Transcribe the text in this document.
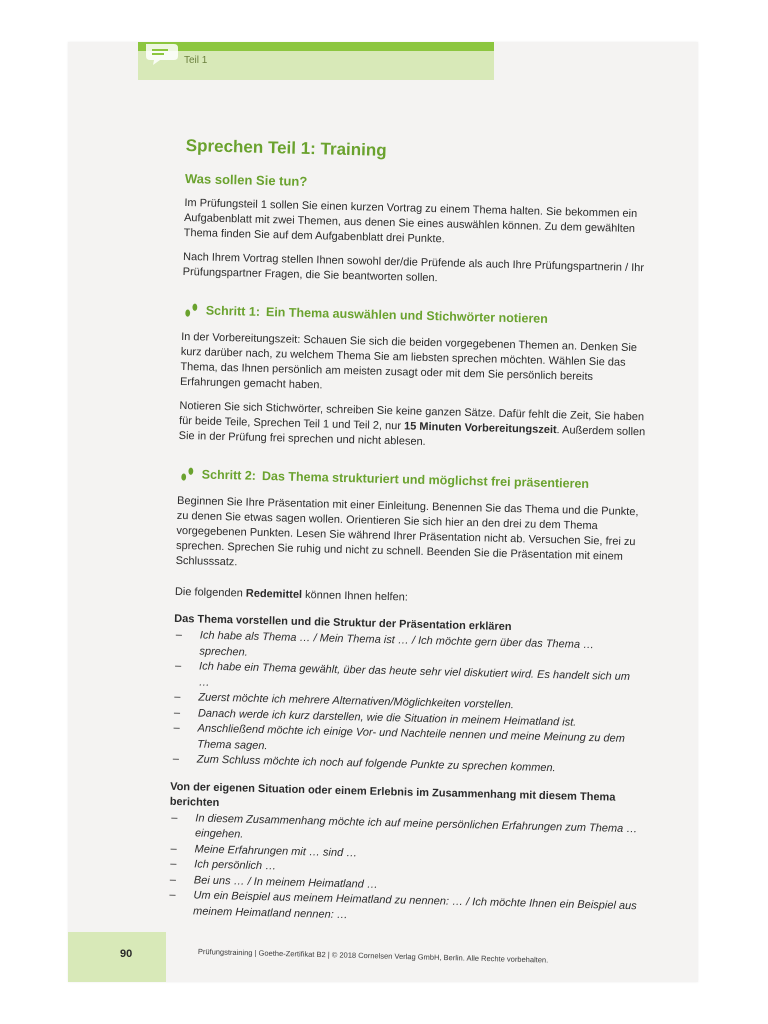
Teil 1
Sprechen Teil 1: Training
Was sollen Sie tun?

Im Prüfungsteil 1 sollen Sie einen kurzen Vortrag zu einem Thema halten. Sie bekommen ein Aufgabenblatt mit zwei Themen, aus denen Sie eines auswählen können. Zu dem gewählten Thema finden Sie auf dem Aufgabenblatt drei Punkte.

Nach Ihrem Vortrag stellen Ihnen sowohl der/die Prüfende als auch Ihre Prüfungspartnerin / Ihr Prüfungspartner Fragen, die Sie beantworten sollen.

Schritt 1: Ein Thema auswählen und Stichwörter notieren

In der Vorbereitungszeit: Schauen Sie sich die beiden vorgegebenen Themen an. Denken Sie kurz darüber nach, zu welchem Thema Sie am liebsten sprechen möchten. Wählen Sie das Thema, das Ihnen persönlich am meisten zusagt oder mit dem Sie persönlich bereits Erfahrungen gemacht haben.

Notieren Sie sich Stichwörter, schreiben Sie keine ganzen Sätze. Dafür fehlt die Zeit, Sie haben für beide Teile, Sprechen Teil 1 und Teil 2, nur 15 Minuten Vorbereitungszeit. Außerdem sollen Sie in der Prüfung frei sprechen und nicht ablesen.

Schritt 2: Das Thema strukturiert und möglichst frei präsentieren

Beginnen Sie Ihre Präsentation mit einer Einleitung. Benennen Sie das Thema und die Punkte, zu denen Sie etwas sagen wollen. Orientieren Sie sich hier an den drei zu dem Thema vorgegebenen Punkten. Lesen Sie während Ihrer Präsentation nicht ab. Versuchen Sie, frei zu sprechen. Sprechen Sie ruhig und nicht zu schnell. Beenden Sie die Präsentation mit einem Schlusssatz.

Die folgenden Redemittel können Ihnen helfen:

Das Thema vorstellen und die Struktur der Präsentation erklären
– Ich habe als Thema … / Mein Thema ist … / Ich möchte gern über das Thema … sprechen.
– Ich habe ein Thema gewählt, über das heute sehr viel diskutiert wird. Es handelt sich um …
– Zuerst möchte ich mehrere Alternativen/Möglichkeiten vorstellen.
– Danach werde ich kurz darstellen, wie die Situation in meinem Heimatland ist.
– Anschließend möchte ich einige Vor- und Nachteile nennen und meine Meinung zu dem Thema sagen.
– Zum Schluss möchte ich noch auf folgende Punkte zu sprechen kommen.
Von der eigenen Situation oder einem Erlebnis im Zusammenhang mit diesem Thema berichten
– In diesem Zusammenhang möchte ich auf meine persönlichen Erfahrungen zum Thema … eingehen.
– Meine Erfahrungen mit … sind …
– Ich persönlich …
– Bei uns … / In meinem Heimatland …
– Um ein Beispiel aus meinem Heimatland zu nennen: … / Ich möchte Ihnen ein Beispiel aus meinem Heimatland nennen: …
90	Prüfungstraining | Goethe-Zertifikat B2 | © 2018 Cornelsen Verlag GmbH, Berlin. Alle Rechte vorbehalten.
